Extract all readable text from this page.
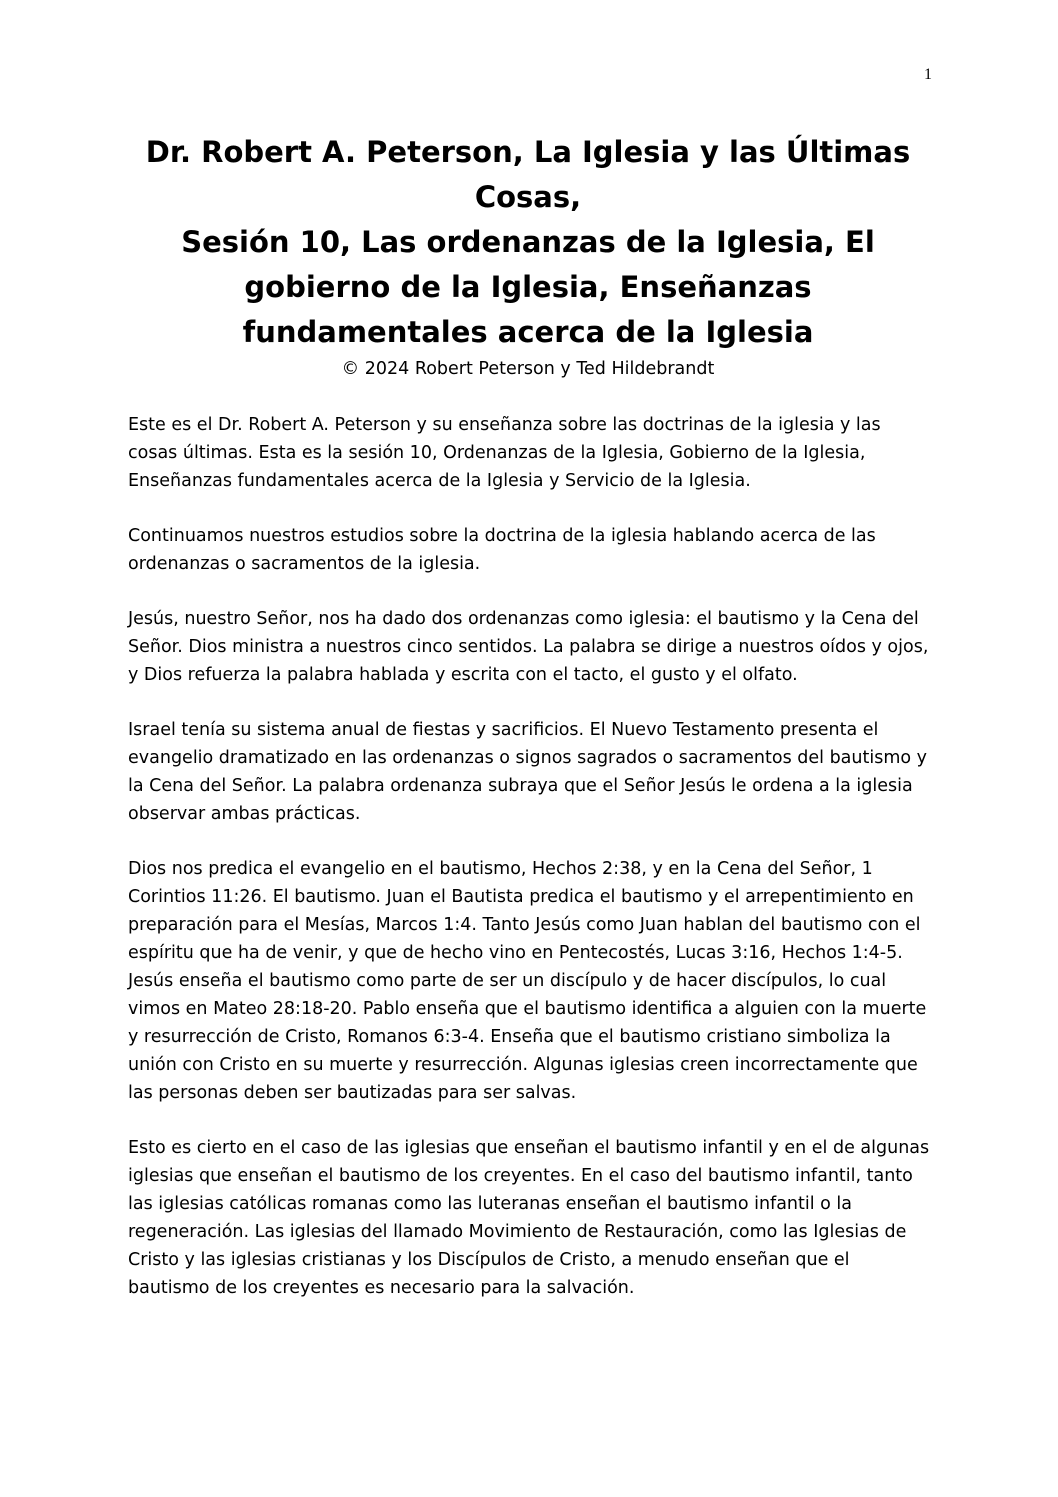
1
Dr. Robert A. Peterson, La Iglesia y las Últimas Cosas,
Sesión 10, Las ordenanzas de la Iglesia, El gobierno de la Iglesia, Enseñanzas fundamentales acerca de la Iglesia
© 2024 Robert Peterson y Ted Hildebrandt

Este es el Dr. Robert A. Peterson y su enseñanza sobre las doctrinas de la iglesia y las cosas últimas. Esta es la sesión 10, Ordenanzas de la Iglesia, Gobierno de la Iglesia, Enseñanzas fundamentales acerca de la Iglesia y Servicio de la Iglesia.

Continuamos nuestros estudios sobre la doctrina de la iglesia hablando acerca de las ordenanzas o sacramentos de la iglesia.

Jesús, nuestro Señor, nos ha dado dos ordenanzas como iglesia: el bautismo y la Cena del Señor. Dios ministra a nuestros cinco sentidos. La palabra se dirige a nuestros oídos y ojos, y Dios refuerza la palabra hablada y escrita con el tacto, el gusto y el olfato.

Israel tenía su sistema anual de fiestas y sacrificios. El Nuevo Testamento presenta el evangelio dramatizado en las ordenanzas o signos sagrados o sacramentos del bautismo y la Cena del Señor. La palabra ordenanza subraya que el Señor Jesús le ordena a la iglesia observar ambas prácticas.

Dios nos predica el evangelio en el bautismo, Hechos 2:38, y en la Cena del Señor, 1 Corintios 11:26. El bautismo. Juan el Bautista predica el bautismo y el arrepentimiento en preparación para el Mesías, Marcos 1:4. Tanto Jesús como Juan hablan del bautismo con el espíritu que ha de venir, y que de hecho vino en Pentecostés, Lucas 3:16, Hechos 1:4-5. Jesús enseña el bautismo como parte de ser un discípulo y de hacer discípulos, lo cual vimos en Mateo 28:18-20. Pablo enseña que el bautismo identifica a alguien con la muerte y resurrección de Cristo, Romanos 6:3-4. Enseña que el bautismo cristiano simboliza la unión con Cristo en su muerte y resurrección. Algunas iglesias creen incorrectamente que las personas deben ser bautizadas para ser salvas.

Esto es cierto en el caso de las iglesias que enseñan el bautismo infantil y en el de algunas iglesias que enseñan el bautismo de los creyentes. En el caso del bautismo infantil, tanto las iglesias católicas romanas como las luteranas enseñan el bautismo infantil o la regeneración. Las iglesias del llamado Movimiento de Restauración, como las Iglesias de Cristo y las iglesias cristianas y los Discípulos de Cristo, a menudo enseñan que el bautismo de los creyentes es necesario para la salvación.
